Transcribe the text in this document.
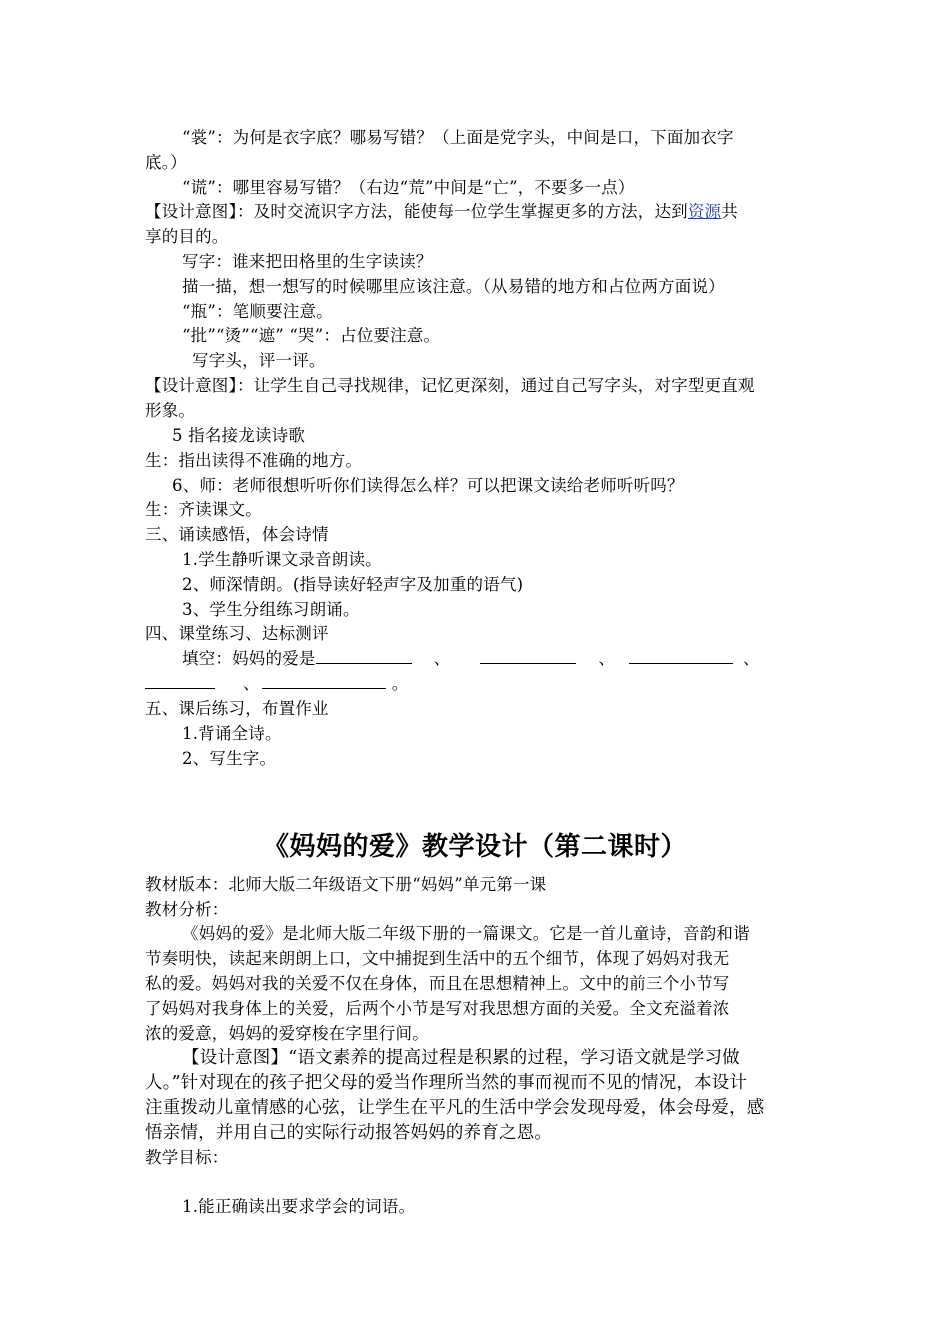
“裳”：为何是衣字底？哪易写错？（上面是党字头，中间是口，下面加衣字
底。）
“谎”：哪里容易写错？（右边“荒”中间是“亡”，不要多一点）
【设计意图】：及时交流识字方法，能使每一位学生掌握更多的方法，达到资源共
享的目的。
写字：谁来把田格里的生字读读？
描一描，想一想写的时候哪里应该注意。（从易错的地方和占位两方面说）
“瓶”：笔顺要注意。
“批”“烫”“遮” “哭”：占位要注意。
写字头，评一评。
【设计意图】：让学生自己寻找规律，记忆更深刻，通过自己写字头，对字型更直观
形象。
5 指名接龙读诗歌
生：指出读得不准确的地方。
6、师：老师很想听听你们读得怎么样？可以把课文读给老师听听吗？
生：齐读课文。
三、诵读感悟，体会诗情
1.学生静听课文录音朗读。
2、师深情朗。(指导读好轻声字及加重的语气)
3、学生分组练习朗诵。
四、课堂练习、达标测评
填空：妈妈的爱是	、	、	、
、	。
五、课后练习，布置作业
1.背诵全诗。
2、写生字。
《妈妈的爱》教学设计（第二课时）
教材版本：北师大版二年级语文下册“妈妈”单元第一课
教材分析：
《妈妈的爱》是北师大版二年级下册的一篇课文。它是一首儿童诗，音韵和谐
节奏明快，读起来朗朗上口，文中捕捉到生活中的五个细节，体现了妈妈对我无
私的爱。妈妈对我的关爱不仅在身体，而且在思想精神上。文中的前三个小节写
了妈妈对我身体上的关爱，后两个小节是写对我思想方面的关爱。全文充溢着浓
浓的爱意，妈妈的爱穿梭在字里行间。
【设计意图】“语文素养的提高过程是积累的过程，学习语文就是学习做
人。”针对现在的孩子把父母的爱当作理所当然的事而视而不见的情况，本设计
注重拨动儿童情感的心弦，让学生在平凡的生活中学会发现母爱，体会母爱，感
悟亲情，并用自己的实际行动报答妈妈的养育之恩。
教学目标：
1.能正确读出要求学会的词语。
